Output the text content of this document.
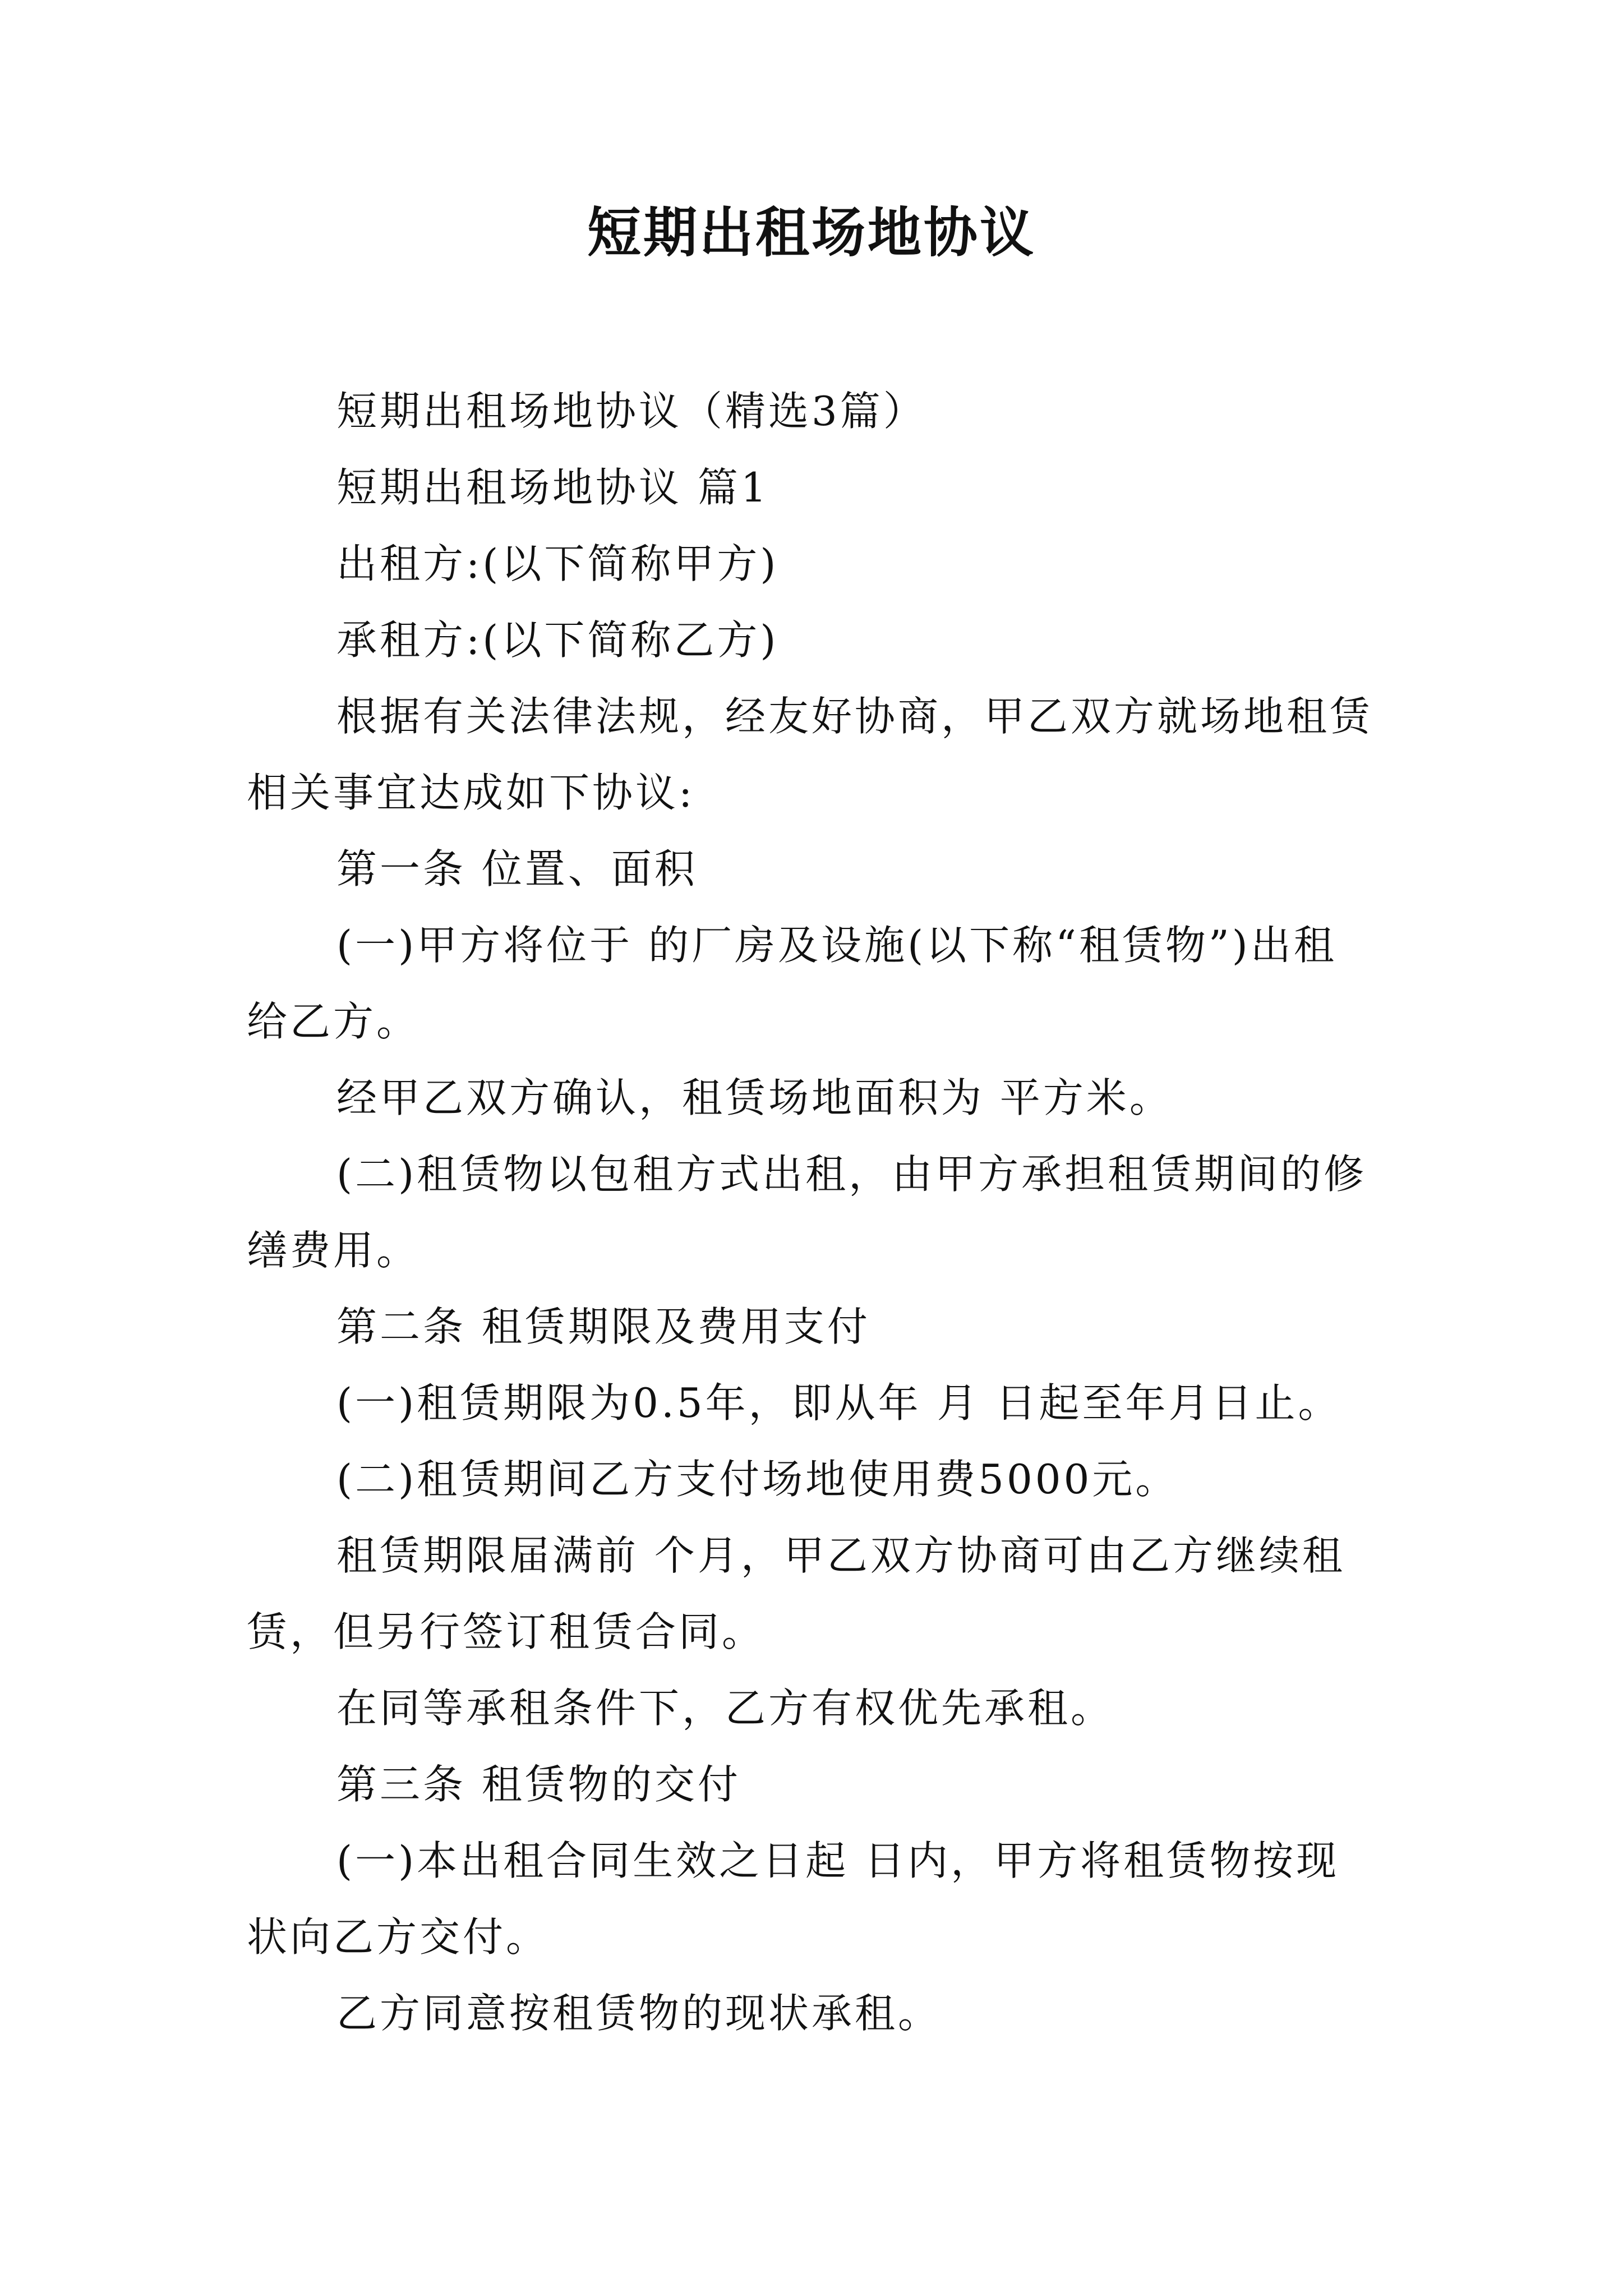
短期出租场地协议

短期出租场地协议（精选3篇）

短期出租场地协议 篇1

出租方:(以下简称甲方)

承租方:(以下简称乙方)

根据有关法律法规，经友好协商，甲乙双方就场地租赁相关事宜达成如下协议:

第一条 位置、面积

(一)甲方将位于 的厂房及设施(以下称“租赁物”)出租给乙方。

经甲乙双方确认，租赁场地面积为 平方米。

(二)租赁物以包租方式出租，由甲方承担租赁期间的修缮费用。

第二条 租赁期限及费用支付

(一)租赁期限为0.5年，即从年 月 日起至年月日止。

(二)租赁期间乙方支付场地使用费5000元。

租赁期限届满前 个月，甲乙双方协商可由乙方继续租赁，但另行签订租赁合同。

在同等承租条件下，乙方有权优先承租。

第三条 租赁物的交付

(一)本出租合同生效之日起 日内，甲方将租赁物按现状向乙方交付。

乙方同意按租赁物的现状承租。
